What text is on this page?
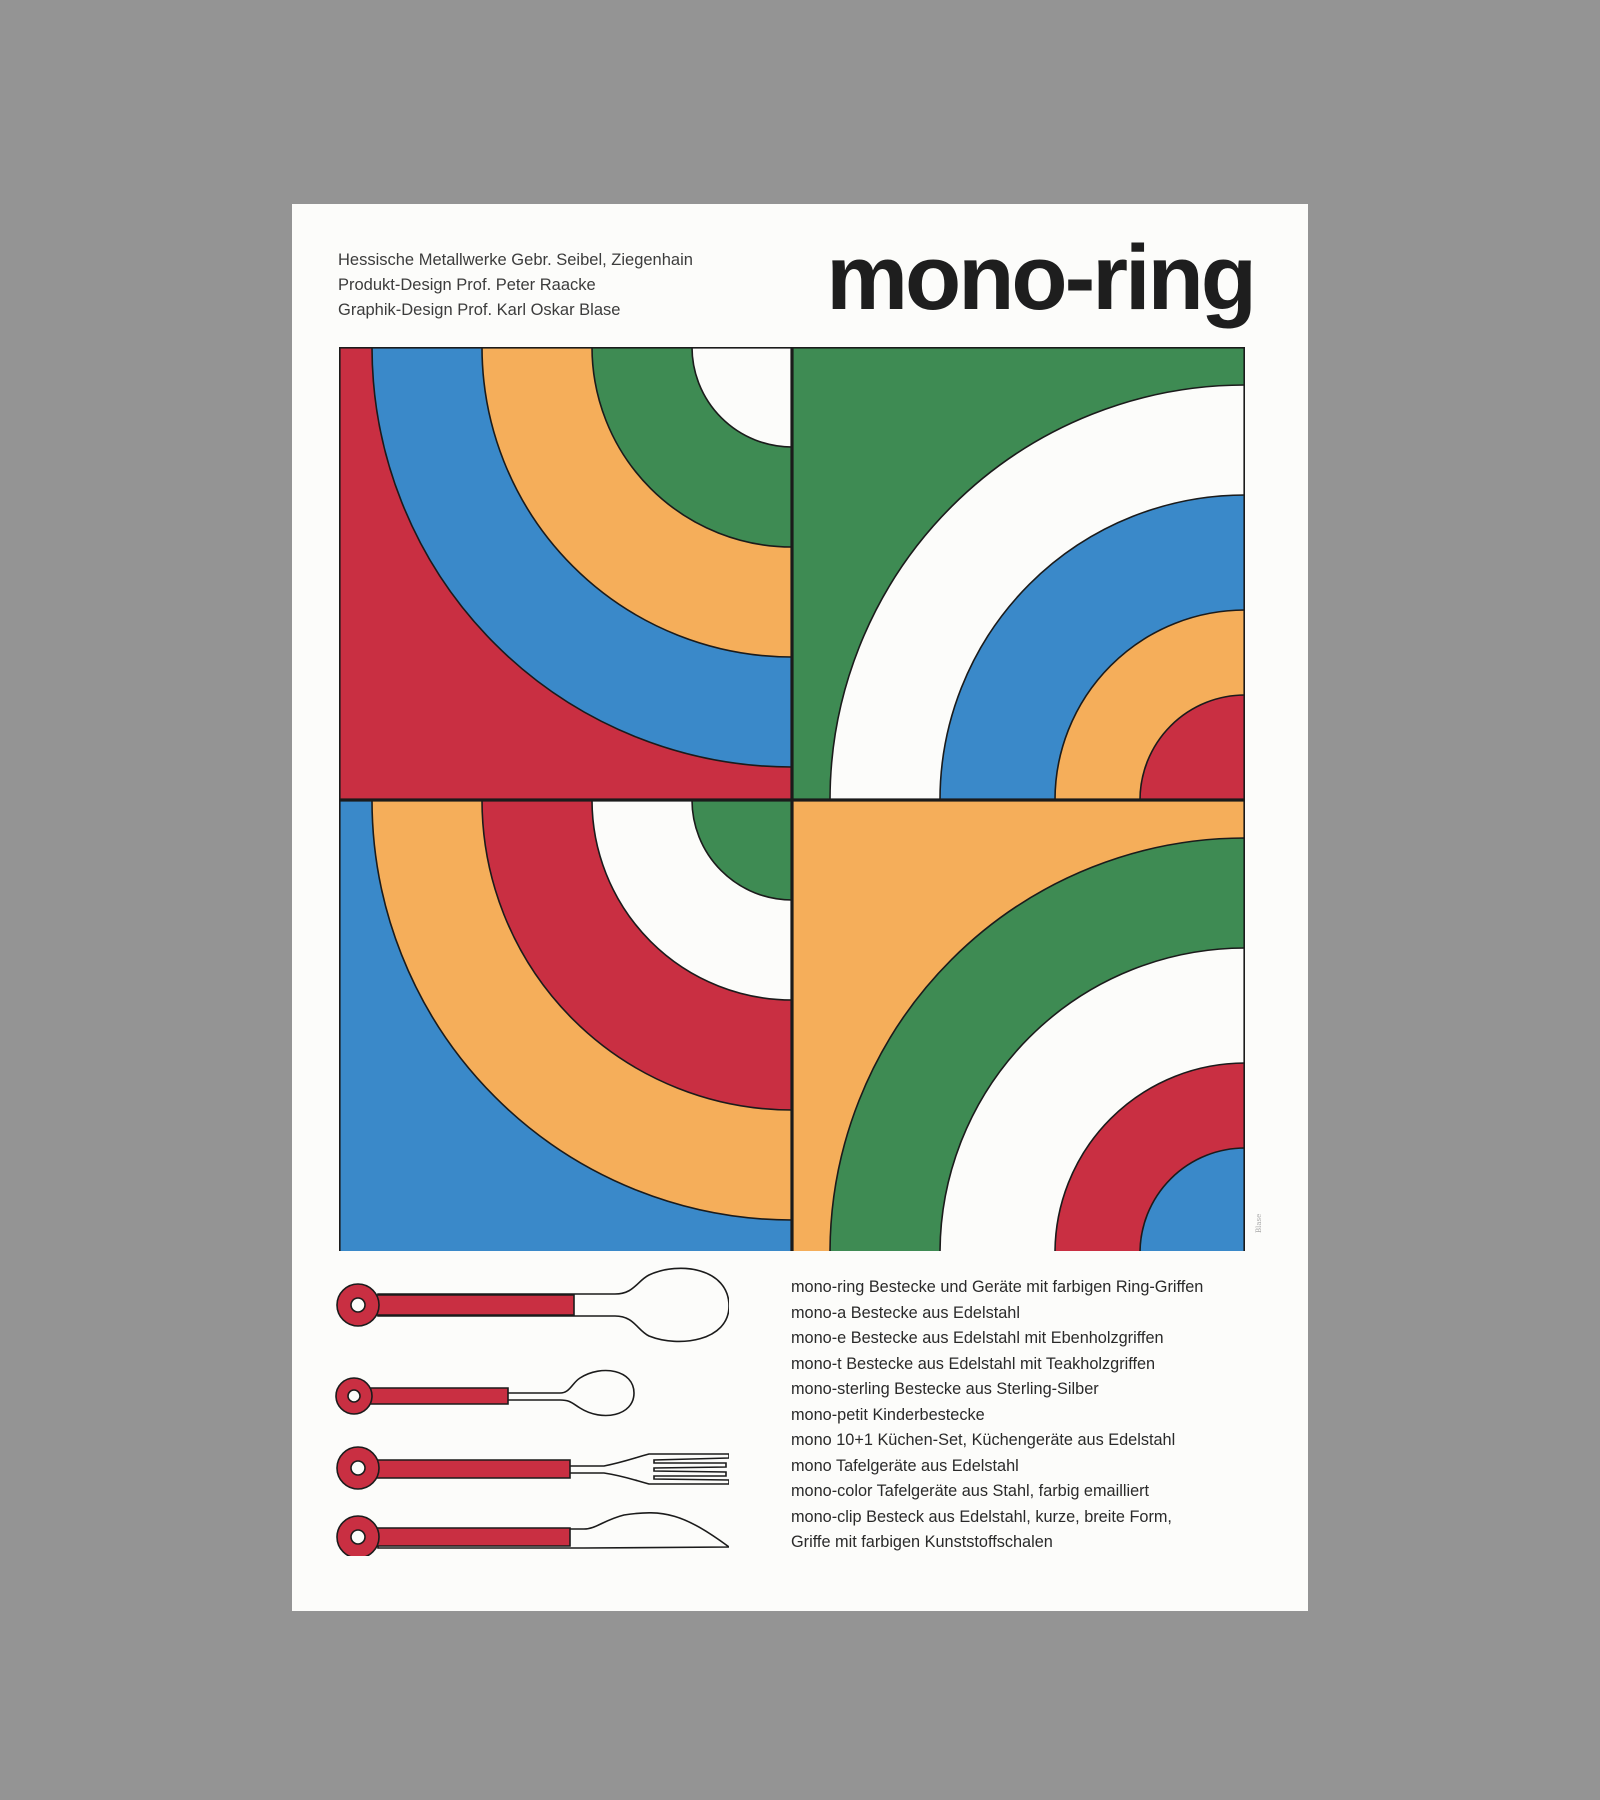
Hessische Metallwerke Gebr. Seibel, Ziegenhain
Produkt-Design Prof. Peter Raacke
Graphik-Design Prof. Karl Oskar Blase	mono-ring
Blase
mono-ring Bestecke und Geräte mit farbigen Ring-Griffen
mono-a Bestecke aus Edelstahl
mono-e Bestecke aus Edelstahl mit Ebenholzgriffen
mono-t Bestecke aus Edelstahl mit Teakholzgriffen
mono-sterling Bestecke aus Sterling-Silber
mono-petit Kinderbestecke
mono 10+1 Küchen-Set, Küchengeräte aus Edelstahl
mono Tafelgeräte aus Edelstahl
mono-color Tafelgeräte aus Stahl, farbig emailliert
mono-clip Besteck aus Edelstahl, kurze, breite Form,
Griffe mit farbigen Kunststoffschalen
